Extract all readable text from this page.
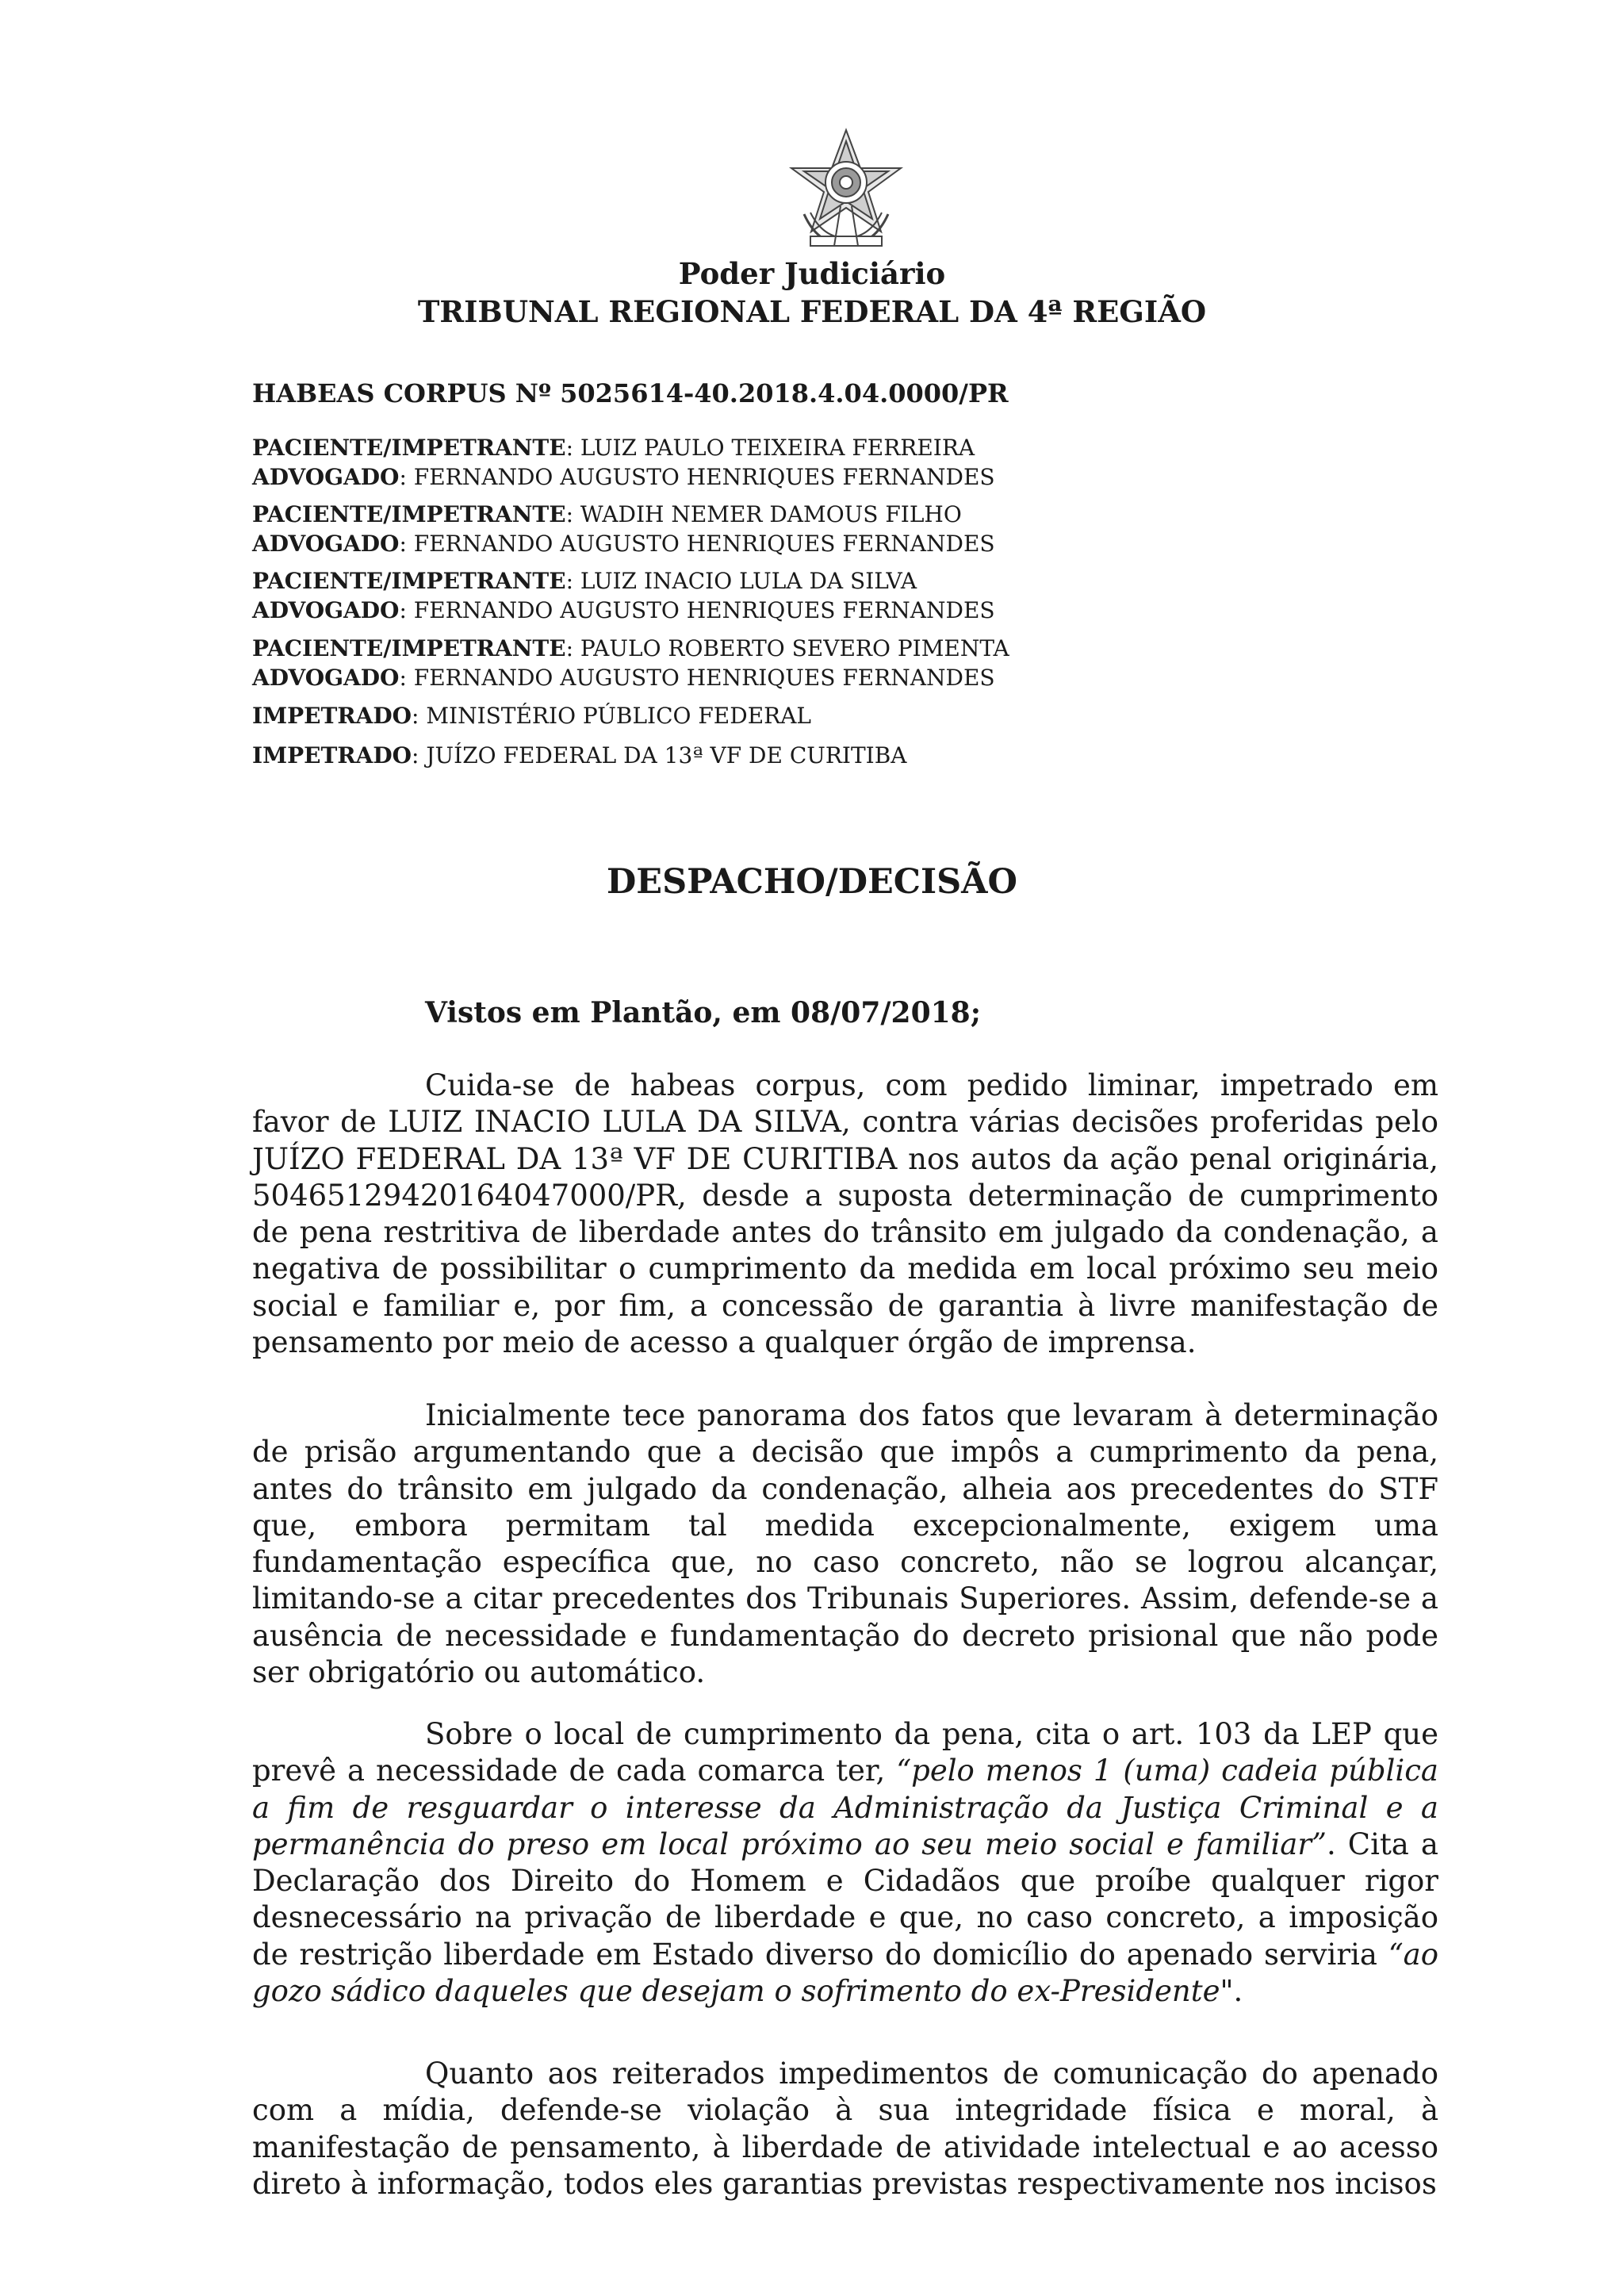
Poder Judiciário
TRIBUNAL REGIONAL FEDERAL DA 4ª REGIÃO
HABEAS CORPUS Nº 5025614-40.2018.4.04.0000/PR
PACIENTE/IMPETRANTE: LUIZ PAULO TEIXEIRA FERREIRA
ADVOGADO: FERNANDO AUGUSTO HENRIQUES FERNANDES
PACIENTE/IMPETRANTE: WADIH NEMER DAMOUS FILHO
ADVOGADO: FERNANDO AUGUSTO HENRIQUES FERNANDES
PACIENTE/IMPETRANTE: LUIZ INACIO LULA DA SILVA
ADVOGADO: FERNANDO AUGUSTO HENRIQUES FERNANDES
PACIENTE/IMPETRANTE: PAULO ROBERTO SEVERO PIMENTA
ADVOGADO: FERNANDO AUGUSTO HENRIQUES FERNANDES
IMPETRADO: MINISTÉRIO PÚBLICO FEDERAL
IMPETRADO: JUÍZO FEDERAL DA 13ª VF DE CURITIBA
DESPACHO/DECISÃO
Vistos em Plantão, em 08/07/2018;

Cuida-se de habeas corpus, com pedido liminar, impetrado em favor de LUIZ INACIO LULA DA SILVA, contra várias decisões proferidas pelo JUÍZO FEDERAL DA 13ª VF DE CURITIBA nos autos da ação penal originária, 50465129420164047000/PR, desde a suposta determinação de cumprimento de pena restritiva de liberdade antes do trânsito em julgado da condenação, a negativa de possibilitar o cumprimento da medida em local próximo seu meio social e familiar e, por fim, a concessão de garantia à livre manifestação de pensamento por meio de acesso a qualquer órgão de imprensa.

Inicialmente tece panorama dos fatos que levaram à determinação de prisão argumentando que a decisão que impôs a cumprimento da pena, antes do trânsito em julgado da condenação, alheia aos precedentes do STF que, embora permitam tal medida excepcionalmente, exigem uma fundamentação específica que, no caso concreto, não se logrou alcançar, limitando-se a citar precedentes dos Tribunais Superiores. Assim, defende-se a ausência de necessidade e fundamentação do decreto prisional que não pode ser obrigatório ou automático.

Sobre o local de cumprimento da pena, cita o art. 103 da LEP que prevê a necessidade de cada comarca ter, “pelo menos 1 (uma) cadeia pública a fim de resguardar o interesse da Administração da Justiça Criminal e a permanência do preso em local próximo ao seu meio social e familiar”. Cita a Declaração dos Direito do Homem e Cidadãos que proíbe qualquer rigor desnecessário na privação de liberdade e que, no caso concreto, a imposição de restrição liberdade em Estado diverso do domicílio do apenado serviria “ao gozo sádico daqueles que desejam o sofrimento do ex-Presidente".

Quanto aos reiterados impedimentos de comunicação do apenado com a mídia, defende-se violação à sua integridade física e moral, à manifestação de pensamento, à liberdade de atividade intelectual e ao acesso direto à informação, todos eles garantias previstas respectivamente nos incisos
